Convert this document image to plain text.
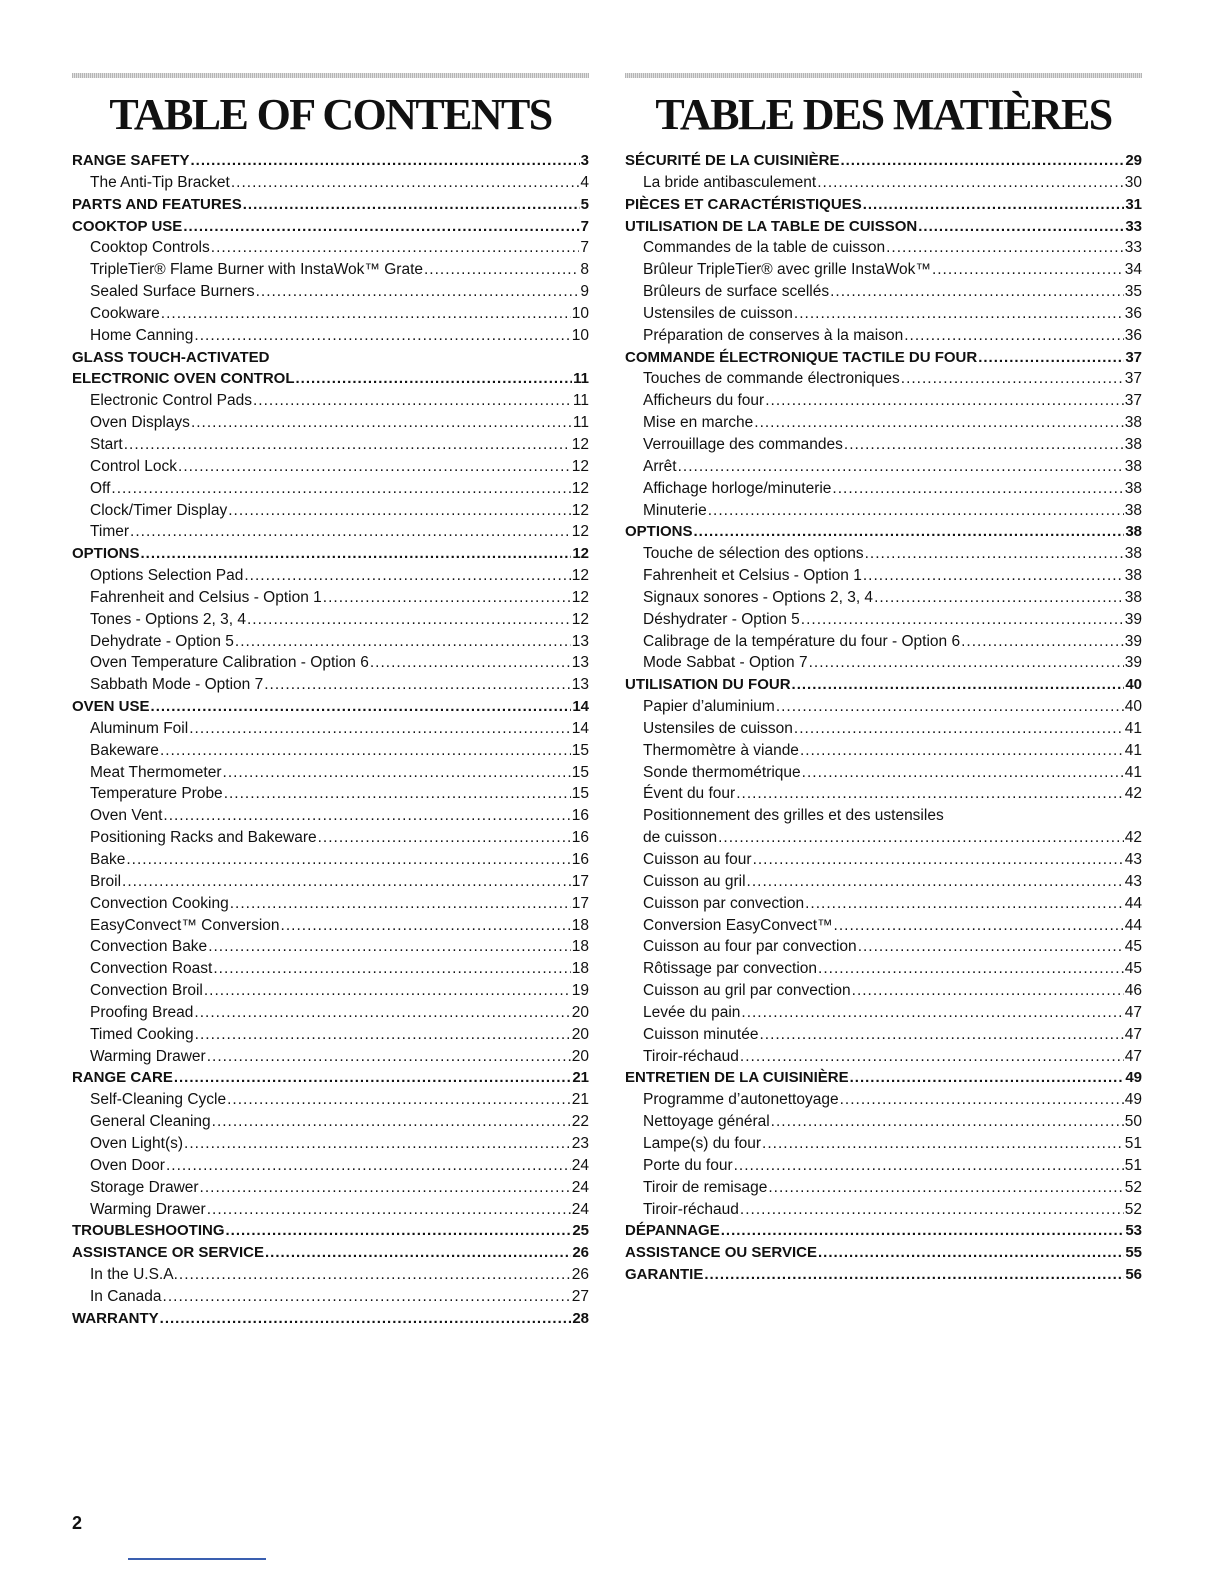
TABLE OF CONTENTS
RANGE SAFETY .....	3
The Anti-Tip Bracket .....	4
PARTS AND FEATURES .....	5
COOKTOP USE .....	7
Cooktop Controls .....	7
TripleTier® Flame Burner with InstaWok™ Grate .....	8
Sealed Surface Burners .....	9
Cookware .....	10
Home Canning .....	10
GLASS TOUCH-ACTIVATED
ELECTRONIC OVEN CONTROL .....	11
Electronic Control Pads .....	11
Oven Displays .....	11
Start .....	12
Control Lock .....	12
Off .....	12
Clock/Timer Display .....	12
Timer .....	12
OPTIONS .....	12
Options Selection Pad .....	12
Fahrenheit and Celsius - Option 1 .....	12
Tones - Options 2, 3, 4 .....	12
Dehydrate - Option 5 .....	13
Oven Temperature Calibration - Option 6 .....	13
Sabbath Mode - Option 7 .....	13
OVEN USE .....	14
Aluminum Foil .....	14
Bakeware .....	15
Meat Thermometer .....	15
Temperature Probe .....	15
Oven Vent .....	16
Positioning Racks and Bakeware .....	16
Bake .....	16
Broil .....	17
Convection Cooking .....	17
EasyConvect™ Conversion .....	18
Convection Bake .....	18
Convection Roast .....	18
Convection Broil .....	19
Proofing Bread .....	20
Timed Cooking .....	20
Warming Drawer .....	20
RANGE CARE .....	21
Self-Cleaning Cycle .....	21
General Cleaning .....	22
Oven Light(s) .....	23
Oven Door .....	24
Storage Drawer .....	24
Warming Drawer .....	24
TROUBLESHOOTING .....	25
ASSISTANCE OR SERVICE .....	26
In the U.S.A. .....	26
In Canada .....	27
WARRANTY .....	28
TABLE DES MATIÈRES
SÉCURITÉ DE LA CUISINIÈRE .....	29
La bride antibasculement .....	30
PIÈCES ET CARACTÉRISTIQUES .....	31
UTILISATION DE LA TABLE DE CUISSON .....	33
Commandes de la table de cuisson .....	33
Brûleur TripleTier® avec grille InstaWok™ .....	34
Brûleurs de surface scellés .....	35
Ustensiles de cuisson .....	36
Préparation de conserves à la maison .....	36
COMMANDE ÉLECTRONIQUE TACTILE DU FOUR .....	37
Touches de commande électroniques .....	37
Afficheurs du four .....	37
Mise en marche .....	38
Verrouillage des commandes .....	38
Arrêt .....	38
Affichage horloge/minuterie .....	38
Minuterie .....	38
OPTIONS .....	38
Touche de sélection des options .....	38
Fahrenheit et Celsius - Option 1 .....	38
Signaux sonores - Options 2, 3, 4 .....	38
Déshydrater - Option 5 .....	39
Calibrage de la température du four - Option 6 .....	39
Mode Sabbat - Option 7 .....	39
UTILISATION DU FOUR .....	40
Papier d’aluminium .....	40
Ustensiles de cuisson .....	41
Thermomètre à viande .....	41
Sonde thermométrique .....	41
Évent du four .....	42
Positionnement des grilles et des ustensiles
de cuisson .....	42
Cuisson au four .....	43
Cuisson au gril .....	43
Cuisson par convection .....	44
Conversion EasyConvect™ .....	44
Cuisson au four par convection .....	45
Rôtissage par convection .....	45
Cuisson au gril par convection .....	46
Levée du pain .....	47
Cuisson minutée .....	47
Tiroir-réchaud .....	47
ENTRETIEN DE LA CUISINIÈRE .....	49
Programme d’autonettoyage .....	49
Nettoyage général .....	50
Lampe(s) du four .....	51
Porte du four .....	51
Tiroir de remisage .....	52
Tiroir-réchaud .....	52
DÉPANNAGE .....	53
ASSISTANCE OU SERVICE .....	55
GARANTIE .....	56
2
